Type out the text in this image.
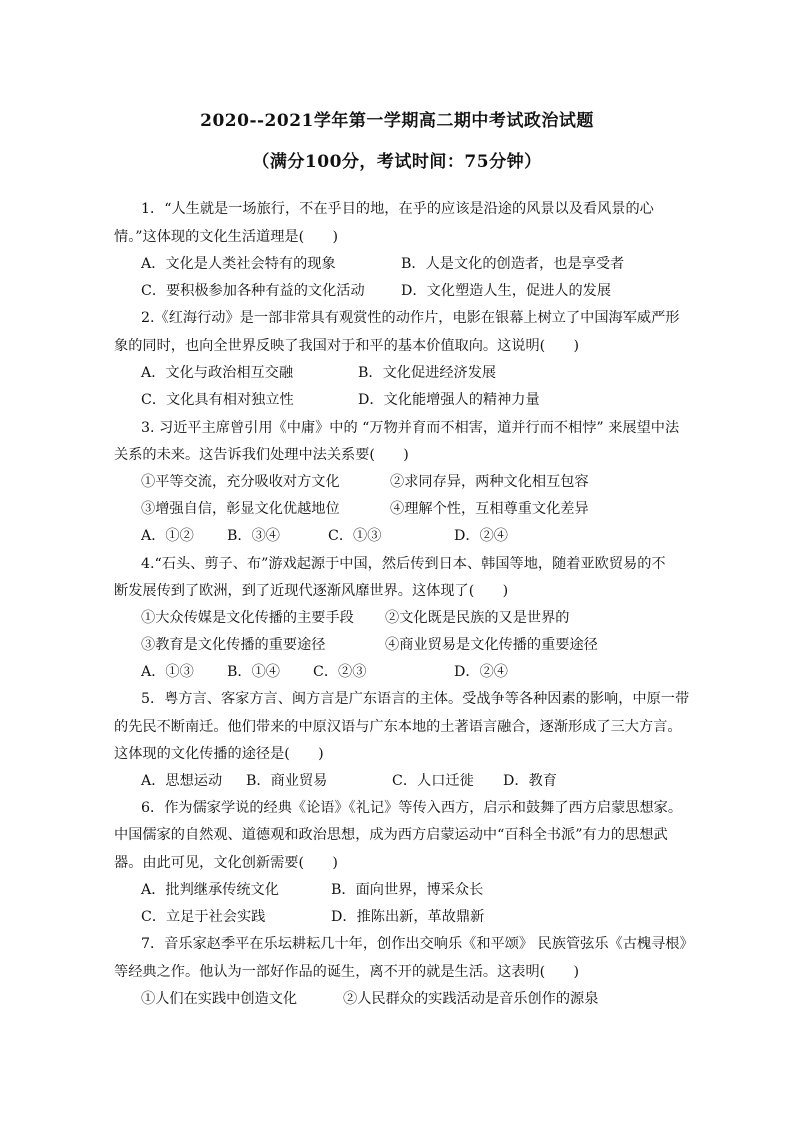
2020--2021学年第一学期高二期中考试政治试题
（满分100分，考试时间：75分钟）
1．“人生就是一场旅行，不在乎目的地，在乎的应该是沿途的风景以及看风景的心
情。”这体现的文化生活道理是(　　)
A．文化是人类社会特有的现象	B．人是文化的创造者，也是享受者
C．要积极参加各种有益的文化活动	D．文化塑造人生，促进人的发展
2.《红海行动》是一部非常具有观赏性的动作片，电影在银幕上树立了中国海军威严形
象的同时，也向全世界反映了我国对于和平的基本价值取向。这说明(　　)
A．文化与政治相互交融	B．文化促进经济发展
C．文化具有相对独立性	D．文化能增强人的精神力量
3. 习近平主席曾引用《中庸》中的 “万物并育而不相害，道并行而不相悖” 来展望中法
关系的未来。这告诉我们处理中法关系要(　　)
①平等交流，充分吸收对方文化	②求同存异，两种文化相互包容
③增强自信，彰显文化优越地位	④理解个性，互相尊重文化差异
A．①② B．③④	C．①③	D．②④
4.“石头、剪子、布”游戏起源于中国，然后传到日本、韩国等地，随着亚欧贸易的不
断发展传到了欧洲，到了近现代逐渐风靡世界。这体现了(　　)
①大众传媒是文化传播的主要手段 ②文化既是民族的又是世界的
③教育是文化传播的重要途径	④商业贸易是文化传播的重要途径
A．①③ B．①④ C．②③	D．②④
5．粤方言、客家方言、闽方言是广东语言的主体。受战争等各种因素的影响，中原一带
的先民不断南迁。他们带来的中原汉语与广东本地的土著语言融合，逐渐形成了三大方言。
这体现的文化传播的途径是(　　)
A．思想运动 B．商业贸易	C．人口迁徙 D．教育
6．作为儒家学说的经典《论语》《礼记》等传入西方，启示和鼓舞了西方启蒙思想家。
中国儒家的自然观、道德观和政治思想，成为西方启蒙运动中“百科全书派”有力的思想武
器。由此可见，文化创新需要(　　)
A．批判继承传统文化	B．面向世界，博采众长
C．立足于社会实践	D．推陈出新，革故鼎新
7．音乐家赵季平在乐坛耕耘几十年，创作出交响乐《和平颂》 民族管弦乐《古槐寻根》
等经典之作。他认为一部好作品的诞生，离不开的就是生活。这表明(　　)
①人们在实践中创造文化	②人民群众的实践活动是音乐创作的源泉
